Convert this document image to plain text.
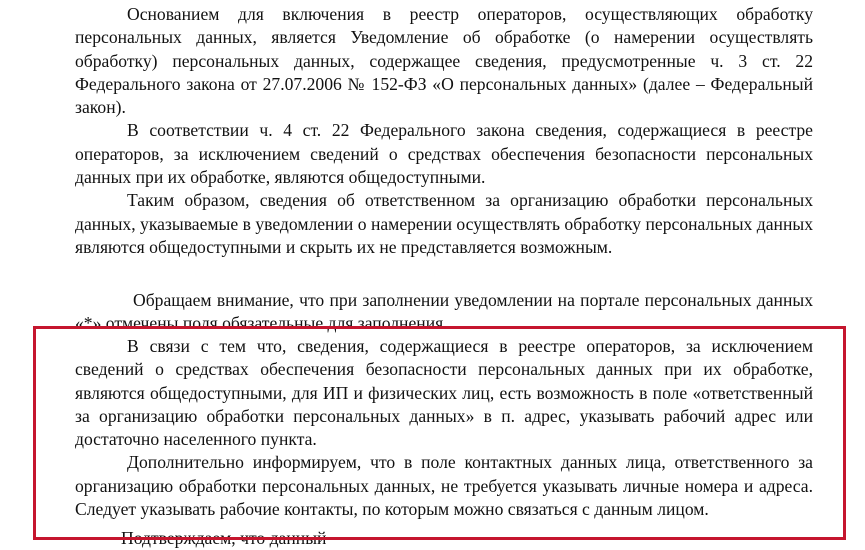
Основанием для включения в реестр операторов, осуществляющих обработку персональных данных, является Уведомление об обработке (о намерении осуществлять обработку) персональных данных, содержащее сведения, предусмотренные ч. 3 ст. 22 Федерального закона от 27.07.2006 № 152-ФЗ «О персональных данных» (далее – Федеральный закон).

В соответствии ч. 4 ст. 22 Федерального закона сведения, содержащиеся в реестре операторов, за исключением сведений о средствах обеспечения безопасности персональных данных при их обработке, являются общедоступными.

Таким образом, сведения об ответственном за организацию обработки персональных данных, указываемые в уведомлении о намерении осуществлять обработку персональных данных являются общедоступными и скрыть их не представляется возможным.

Обращаем внимание, что при заполнении уведомлении на портале персональных данных «*» отмечены поля обязательные для заполнения.

В связи с тем что, сведения, содержащиеся в реестре операторов, за исключением сведений о средствах обеспечения безопасности персональных данных при их обработке, являются общедоступными, для ИП и физических лиц, есть возможность в поле «ответственный за организацию обработки персональных данных» в п. адрес, указывать рабочий адрес или достаточно населенного пункта.

Дополнительно информируем, что в поле контактных данных лица, ответственного за организацию обработки персональных данных, не требуется указывать личные номера и адреса. Следует указывать рабочие контакты, по которым можно связаться с данным лицом.

Подтверждаем, что данный
